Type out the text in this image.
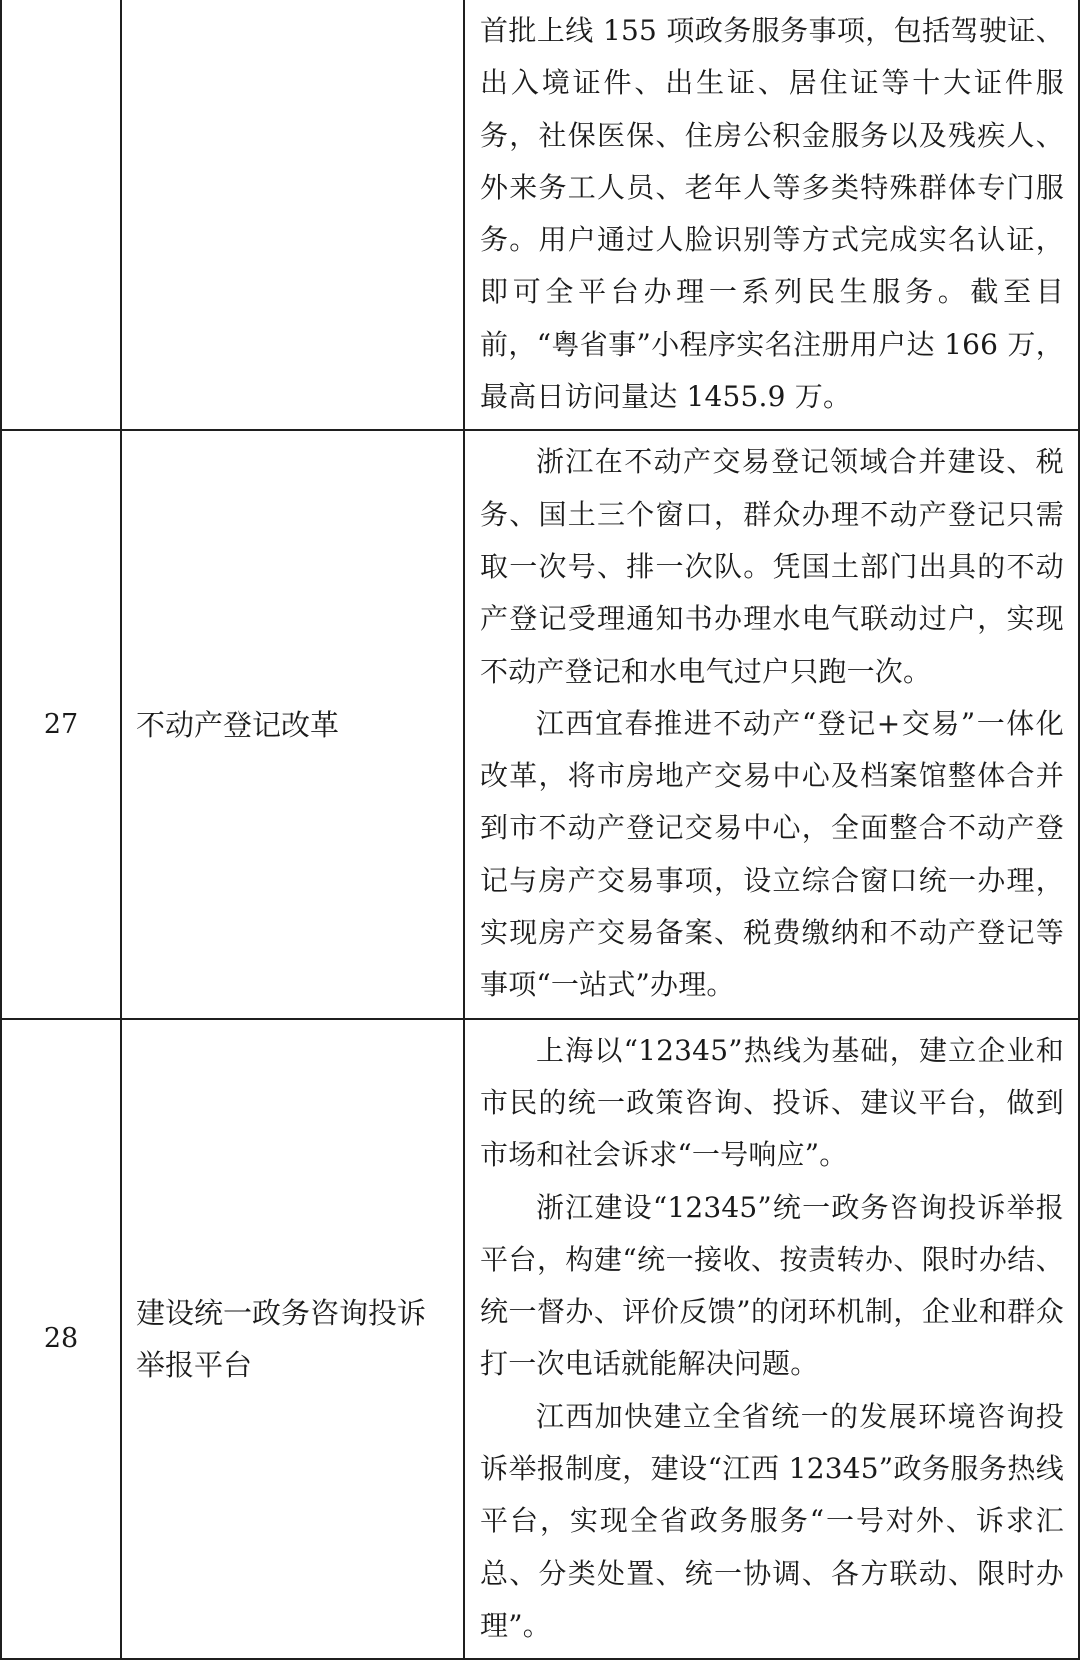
		首批上线 155 项政务服务事项，包括驾驶证、出入境证件、出生证、居住证等十大证件服务，社保医保、住房公积金服务以及残疾人、外来务工人员、老年人等多类特殊群体专门服务。用户通过人脸识别等方式完成实名认证，即可全平台办理一系列民生服务。截至目前，“粤省事”小程序实名注册用户达 166 万，最高日访问量达 1455.9 万。

27	不动产登记改革	浙江在不动产交易登记领域合并建设、税务、国土三个窗口，群众办理不动产登记只需取一次号、排一次队。凭国土部门出具的不动产登记受理通知书办理水电气联动过户，实现不动产登记和水电气过户只跑一次。

江西宜春推进不动产“登记+交易”一体化改革，将市房地产交易中心及档案馆整体合并到市不动产登记交易中心，全面整合不动产登记与房产交易事项，设立综合窗口统一办理，实现房产交易备案、税费缴纳和不动产登记等事项“一站式”办理。

28	建设统一政务咨询投诉举报平台	上海以“12345”热线为基础，建立企业和市民的统一政策咨询、投诉、建议平台，做到市场和社会诉求“一号响应”。

浙江建设“12345”统一政务咨询投诉举报平台，构建“统一接收、按责转办、限时办结、统一督办、评价反馈”的闭环机制，企业和群众打一次电话就能解决问题。

江西加快建立全省统一的发展环境咨询投诉举报制度，建设“江西 12345”政务服务热线平台，实现全省政务服务“一号对外、诉求汇总、分类处置、统一协调、各方联动、限时办理”。
